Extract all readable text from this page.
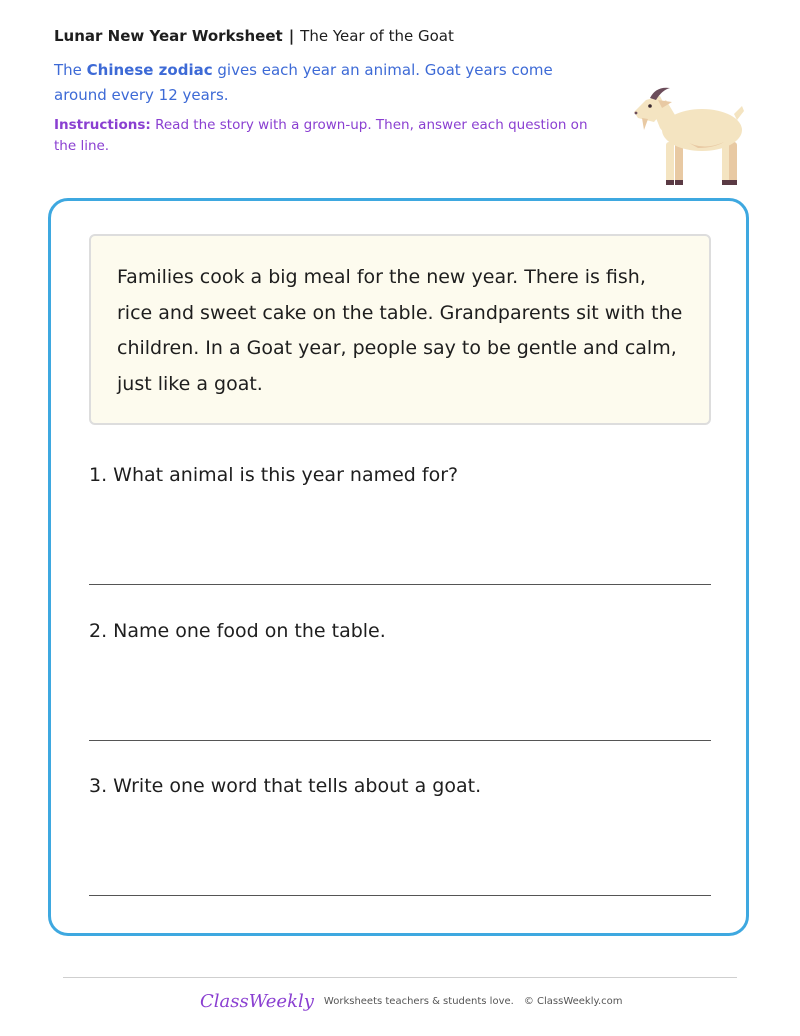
Lunar New Year Worksheet | The Year of the Goat
The Chinese zodiac gives each year an animal. Goat years come around every 12 years.
Instructions: Read the story with a grown-up. Then, answer each question on the line.
Families cook a big meal for the new year. There is fish, rice and sweet cake on the table. Grandparents sit with the children. In a Goat year, people say to be gentle and calm, just like a goat.
1. What animal is this year named for?
2. Name one food on the table.
3. Write one word that tells about a goat.
ClassWeekly Worksheets teachers & students love. © ClassWeekly.com
